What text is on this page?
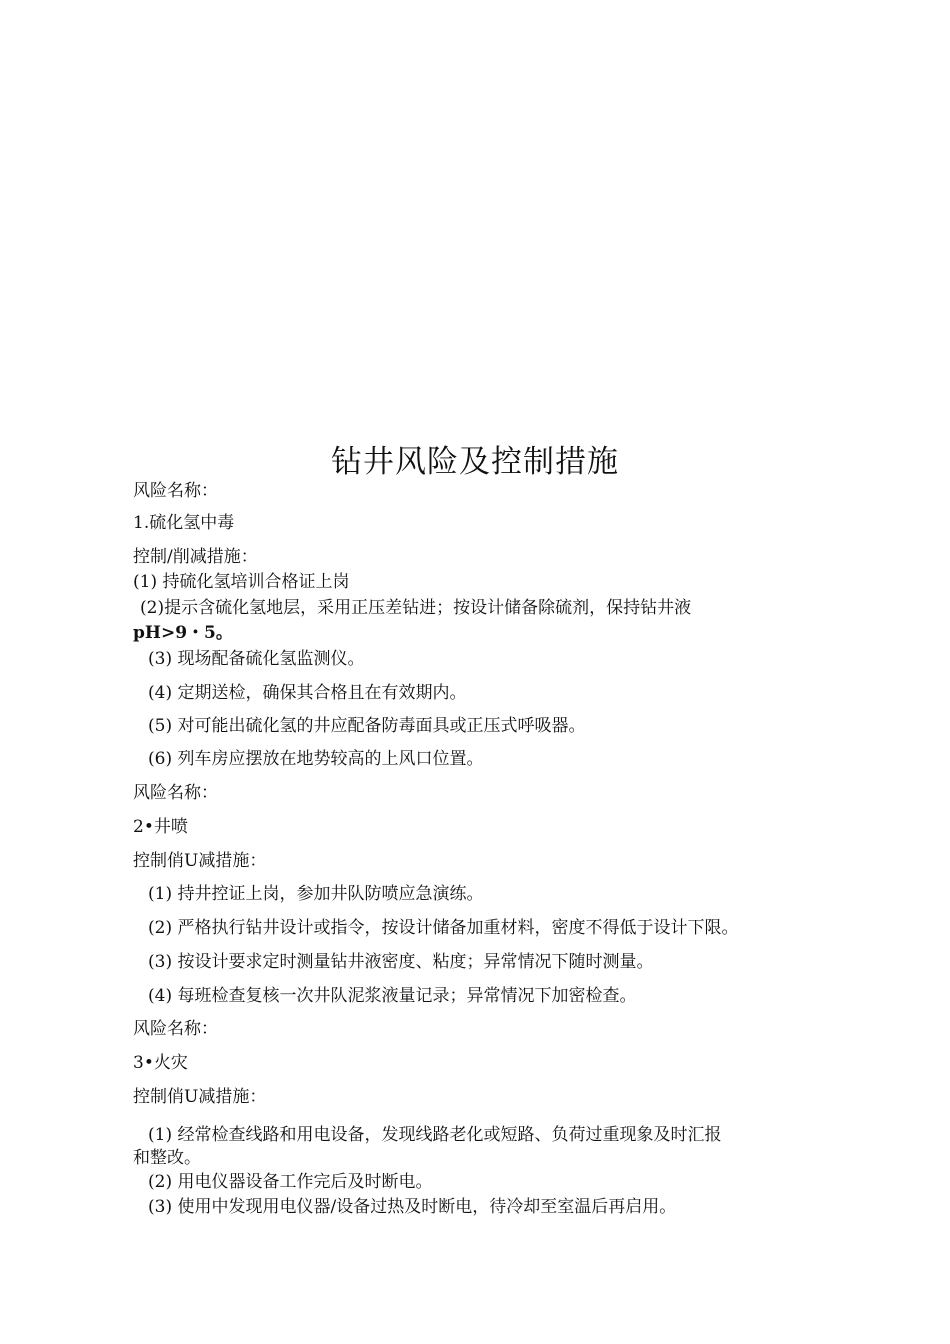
钻井风险及控制措施
风险名称：
1.硫化氢中毒
控制/削减措施：
(1) 持硫化氢培训合格证上岗
(2)提示含硫化氢地层，采用正压差钻进；按设计储备除硫剂，保持钻井液
pH>9・5。
(3) 现场配备硫化氢监测仪。
(4) 定期送检，确保其合格且在有效期内。
(5) 对可能出硫化氢的井应配备防毒面具或正压式呼吸器。
(6) 列车房应摆放在地势较高的上风口位置。
风险名称：
2•井喷
控制俏U减措施：
(1) 持井控证上岗，参加井队防喷应急演练。
(2) 严格执行钻井设计或指令，按设计储备加重材料，密度不得低于设计下限。
(3) 按设计要求定时测量钻井液密度、粘度；异常情况下随时测量。
(4) 每班检查复核一次井队泥浆液量记录；异常情况下加密检查。
风险名称：
3•火灾
控制俏U减措施：
(1) 经常检查线路和用电设备，发现线路老化或短路、负荷过重现象及时汇报
和整改。
(2) 用电仪器设备工作完后及时断电。
(3) 使用中发现用电仪器/设备过热及时断电，待冷却至室温后再启用。
